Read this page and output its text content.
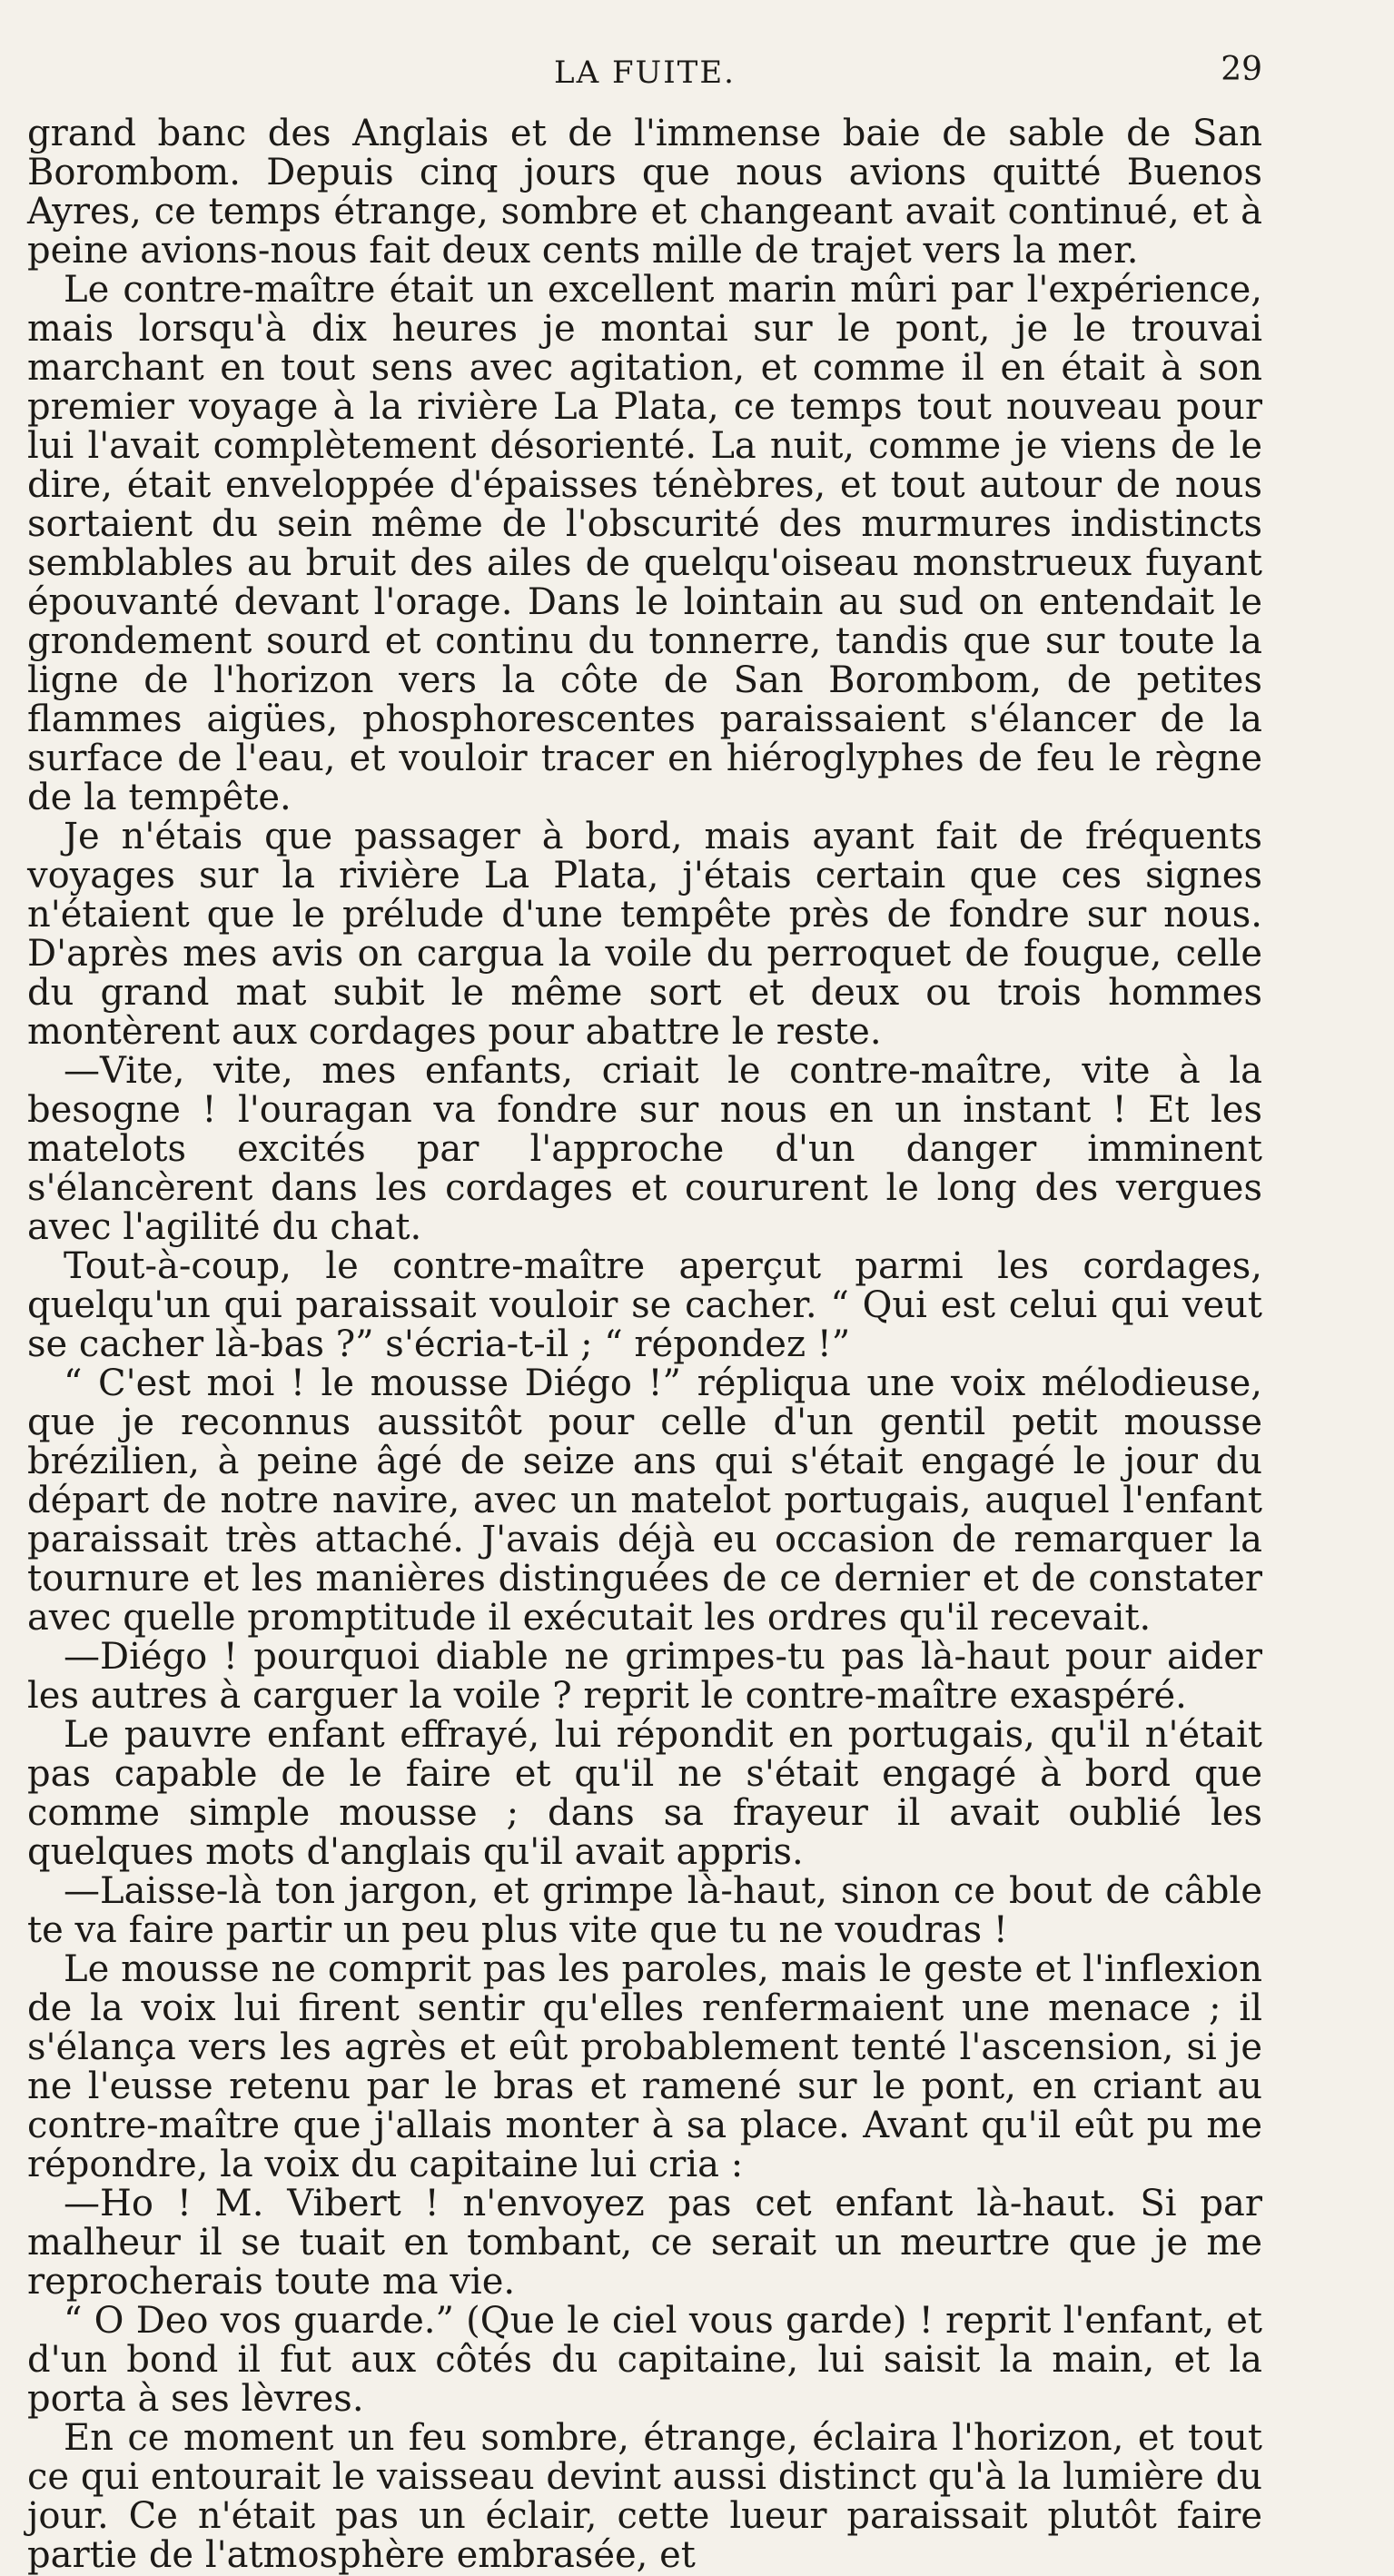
LA FUITE.	29

grand banc des Anglais et de l'immense baie de sable de San Borombom. Depuis cinq jours que nous avions quitté Buenos Ayres, ce temps étrange, sombre et changeant avait continué, et à peine avions-nous fait deux cents mille de trajet vers la mer.

Le contre-maître était un excellent marin mûri par l'expérience, mais lorsqu'à dix heures je montai sur le pont, je le trouvai marchant en tout sens avec agitation, et comme il en était à son premier voyage à la rivière La Plata, ce temps tout nouveau pour lui l'avait complètement désorienté. La nuit, comme je viens de le dire, était enveloppée d'épaisses ténèbres, et tout autour de nous sortaient du sein même de l'obscurité des murmures indistincts semblables au bruit des ailes de quelqu'oiseau monstrueux fuyant épouvanté devant l'orage. Dans le lointain au sud on entendait le grondement sourd et continu du tonnerre, tandis que sur toute la ligne de l'horizon vers la côte de San Borombom, de petites flammes aigües, phosphorescentes paraissaient s'élancer de la surface de l'eau, et vouloir tracer en hiéroglyphes de feu le règne de la tempête.

Je n'étais que passager à bord, mais ayant fait de fréquents voyages sur la rivière La Plata, j'étais certain que ces signes n'étaient que le prélude d'une tempête près de fondre sur nous. D'après mes avis on cargua la voile du perroquet de fougue, celle du grand mat subit le même sort et deux ou trois hommes montèrent aux cordages pour abattre le reste.

—Vite, vite, mes enfants, criait le contre-maître, vite à la besogne ! l'ouragan va fondre sur nous en un instant ! Et les matelots excités par l'approche d'un danger imminent s'élancèrent dans les cordages et coururent le long des vergues avec l'agilité du chat.

Tout-à-coup, le contre-maître aperçut parmi les cordages, quelqu'un qui paraissait vouloir se cacher. “ Qui est celui qui veut se cacher là-bas ?” s'écria-t-il ; “ répondez !”

“ C'est moi ! le mousse Diégo !” répliqua une voix mélodieuse, que je reconnus aussitôt pour celle d'un gentil petit mousse brézilien, à peine âgé de seize ans qui s'était engagé le jour du départ de notre navire, avec un matelot portugais, auquel l'enfant paraissait très attaché. J'avais déjà eu occasion de remarquer la tournure et les manières distinguées de ce dernier et de constater avec quelle promptitude il exécutait les ordres qu'il recevait.

—Diégo ! pourquoi diable ne grimpes-tu pas là-haut pour aider les autres à carguer la voile ? reprit le contre-maître exaspéré.

Le pauvre enfant effrayé, lui répondit en portugais, qu'il n'était pas capable de le faire et qu'il ne s'était engagé à bord que comme simple mousse ; dans sa frayeur il avait oublié les quelques mots d'anglais qu'il avait appris.

—Laisse-là ton jargon, et grimpe là-haut, sinon ce bout de câble te va faire partir un peu plus vite que tu ne voudras !

Le mousse ne comprit pas les paroles, mais le geste et l'inflexion de la voix lui firent sentir qu'elles renfermaient une menace ; il s'élança vers les agrès et eût probablement tenté l'ascension, si je ne l'eusse retenu par le bras et ramené sur le pont, en criant au contre-maître que j'allais monter à sa place. Avant qu'il eût pu me répondre, la voix du capitaine lui cria :

—Ho ! M. Vibert ! n'envoyez pas cet enfant là-haut. Si par malheur il se tuait en tombant, ce serait un meurtre que je me reprocherais toute ma vie.

“ O Deo vos guarde.” (Que le ciel vous garde) ! reprit l'enfant, et d'un bond il fut aux côtés du capitaine, lui saisit la main, et la porta à ses lèvres.

En ce moment un feu sombre, étrange, éclaira l'horizon, et tout ce qui entourait le vaisseau devint aussi distinct qu'à la lumière du jour. Ce n'était pas un éclair, cette lueur paraissait plutôt faire partie de l'atmosphère embrasée, et
